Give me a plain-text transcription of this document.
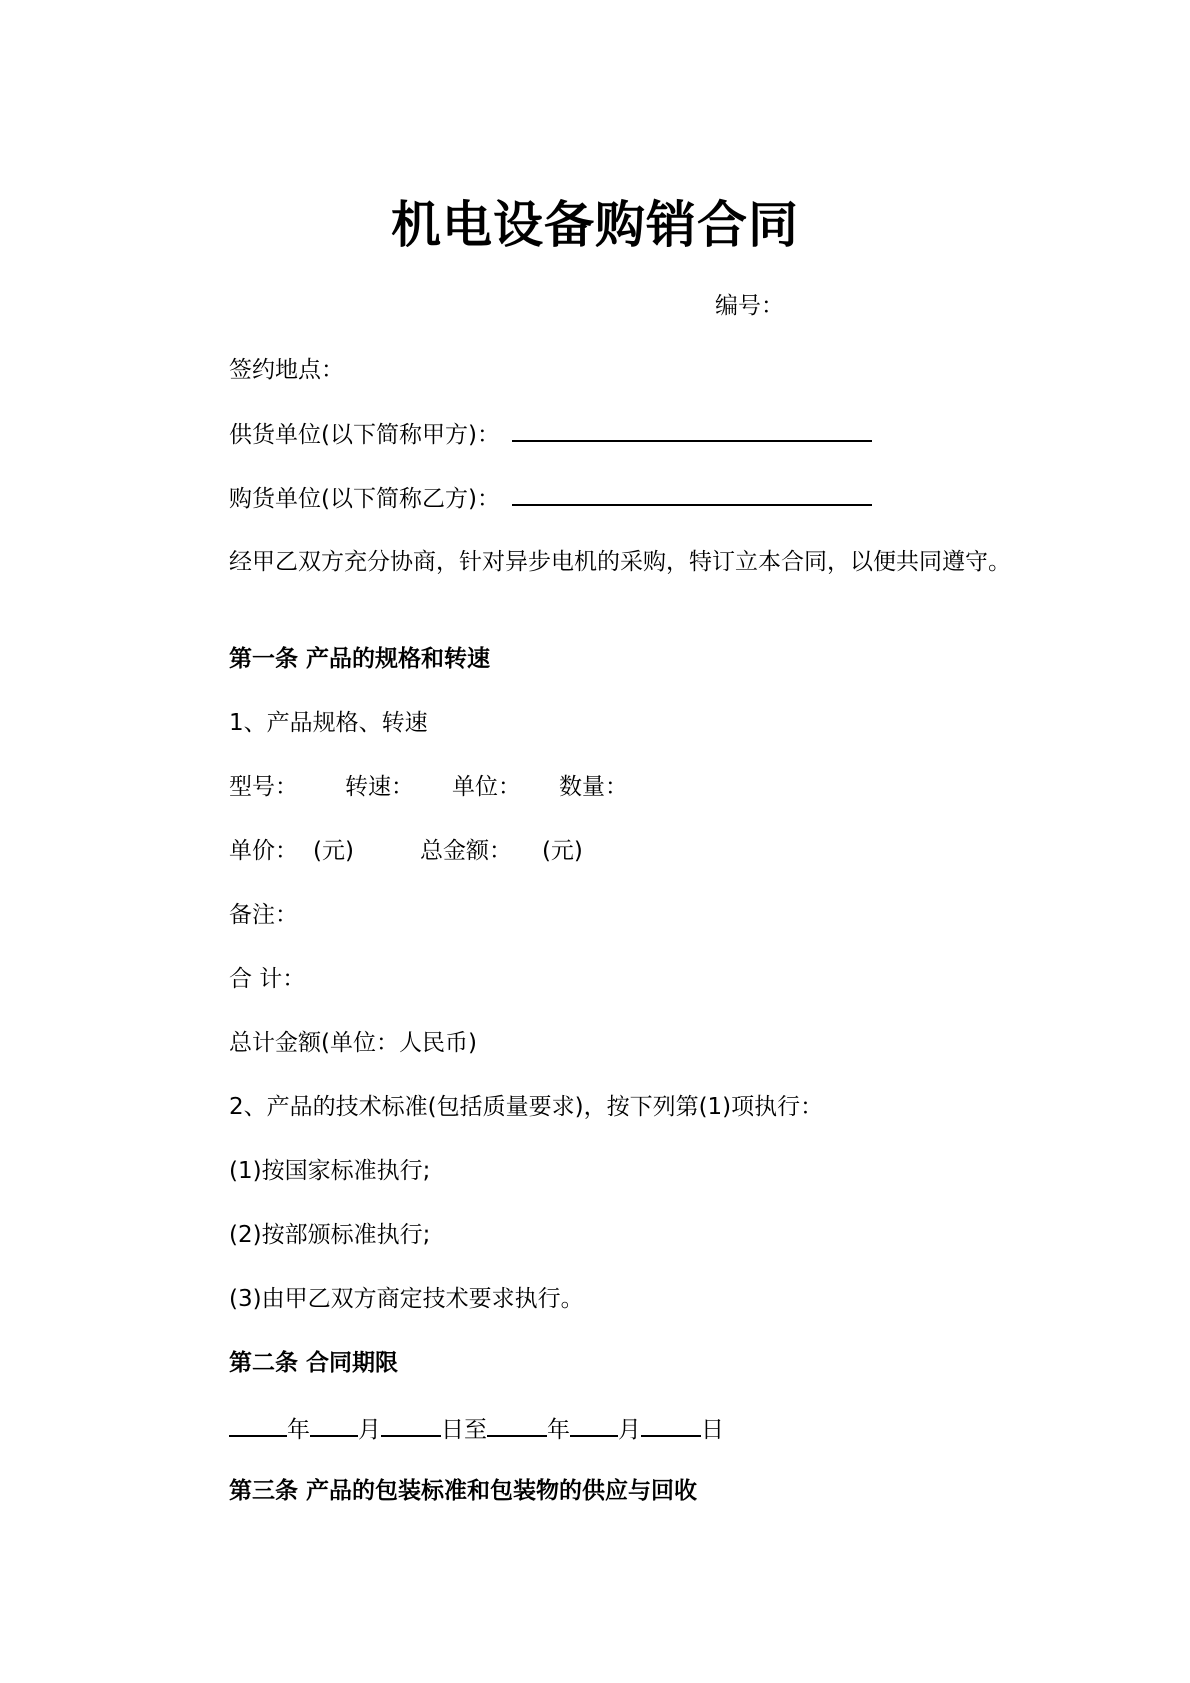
机电设备购销合同
编号：
签约地点：
供货单位(以下简称甲方)：
购货单位(以下简称乙方)：
经甲乙双方充分协商，针对异步电机的采购，特订立本合同，以便共同遵守。
第一条 产品的规格和转速
1、产品规格、转速
型号： 转速： 单位： 数量：
单价： (元)	总金额： (元)
备注：
合 计：
总计金额(单位：人民币)
2、产品的技术标准(包括质量要求)，按下列第(1)项执行：
(1)按国家标准执行;
(2)按部颁标准执行;
(3)由甲乙双方商定技术要求执行。
第二条 合同期限
年 月	日至	年 月	日
第三条 产品的包装标准和包装物的供应与回收
